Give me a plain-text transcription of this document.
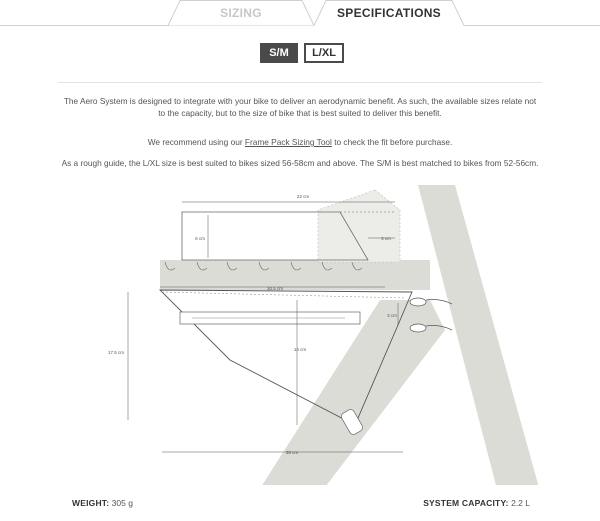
SIZING	SPECIFICATIONS
S/M	L/XL

The Aero System is designed to integrate with your bike to deliver an aerodynamic benefit. As such, the available sizes relate not to the capacity, but to the size of bike that is best suited to deliver this benefit.

We recommend using our Frame Pack Sizing Tool to check the fit before purchase.

As a rough guide, the L/XL size is best suited to bikes sized 56-58cm and above. The S/M is best matched to bikes from 52-56cm.

22 cm
6 cm	3 cm
30.5 cm
3 cm
17.5 cm
14 cm
35 cm
WEIGHT: 305 g	SYSTEM CAPACITY: 2.2 L
